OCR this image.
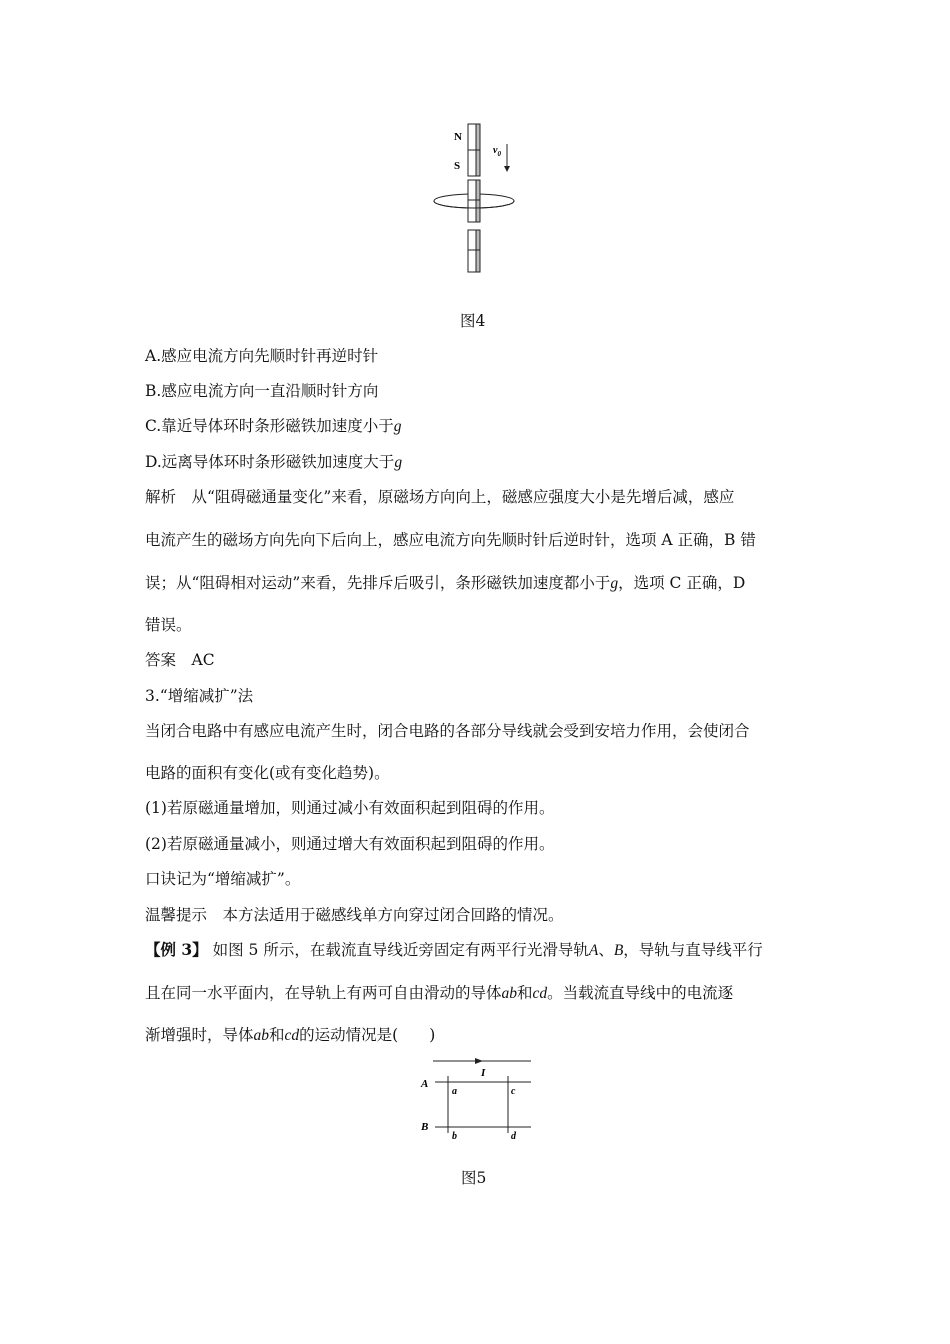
N
S
$v_0$
图4
A.感应电流方向先顺时针再逆时针
B.感应电流方向一直沿顺时针方向
C.靠近导体环时条形磁铁加速度小于g
D.远离导体环时条形磁铁加速度大于g
解析　从“阻碍磁通量变化”来看，原磁场方向向上，磁感应强度大小是先增后减，感应
电流产生的磁场方向先向下后向上，感应电流方向先顺时针后逆时针，选项 A 正确，B 错
误；从“阻碍相对运动”来看，先排斥后吸引，条形磁铁加速度都小于g，选项 C 正确，D
错误。
答案　AC
3.“增缩减扩”法
当闭合电路中有感应电流产生时，闭合电路的各部分导线就会受到安培力作用，会使闭合
电路的面积有变化(或有变化趋势)。
(1)若原磁通量增加，则通过减小有效面积起到阻碍的作用。
(2)若原磁通量减小，则通过增大有效面积起到阻碍的作用。
口诀记为“增缩减扩”。
温馨提示　本方法适用于磁感线单方向穿过闭合回路的情况。
【例 3】 如图 5 所示，在载流直导线近旁固定有两平行光滑导轨A、B，导轨与直导线平行
且在同一水平面内，在导轨上有两可自由滑动的导体ab和cd。当载流直导线中的电流逐
渐增强时，导体ab和cd的运动情况是(　　)
I
A
B
a	c
b	d
图5
